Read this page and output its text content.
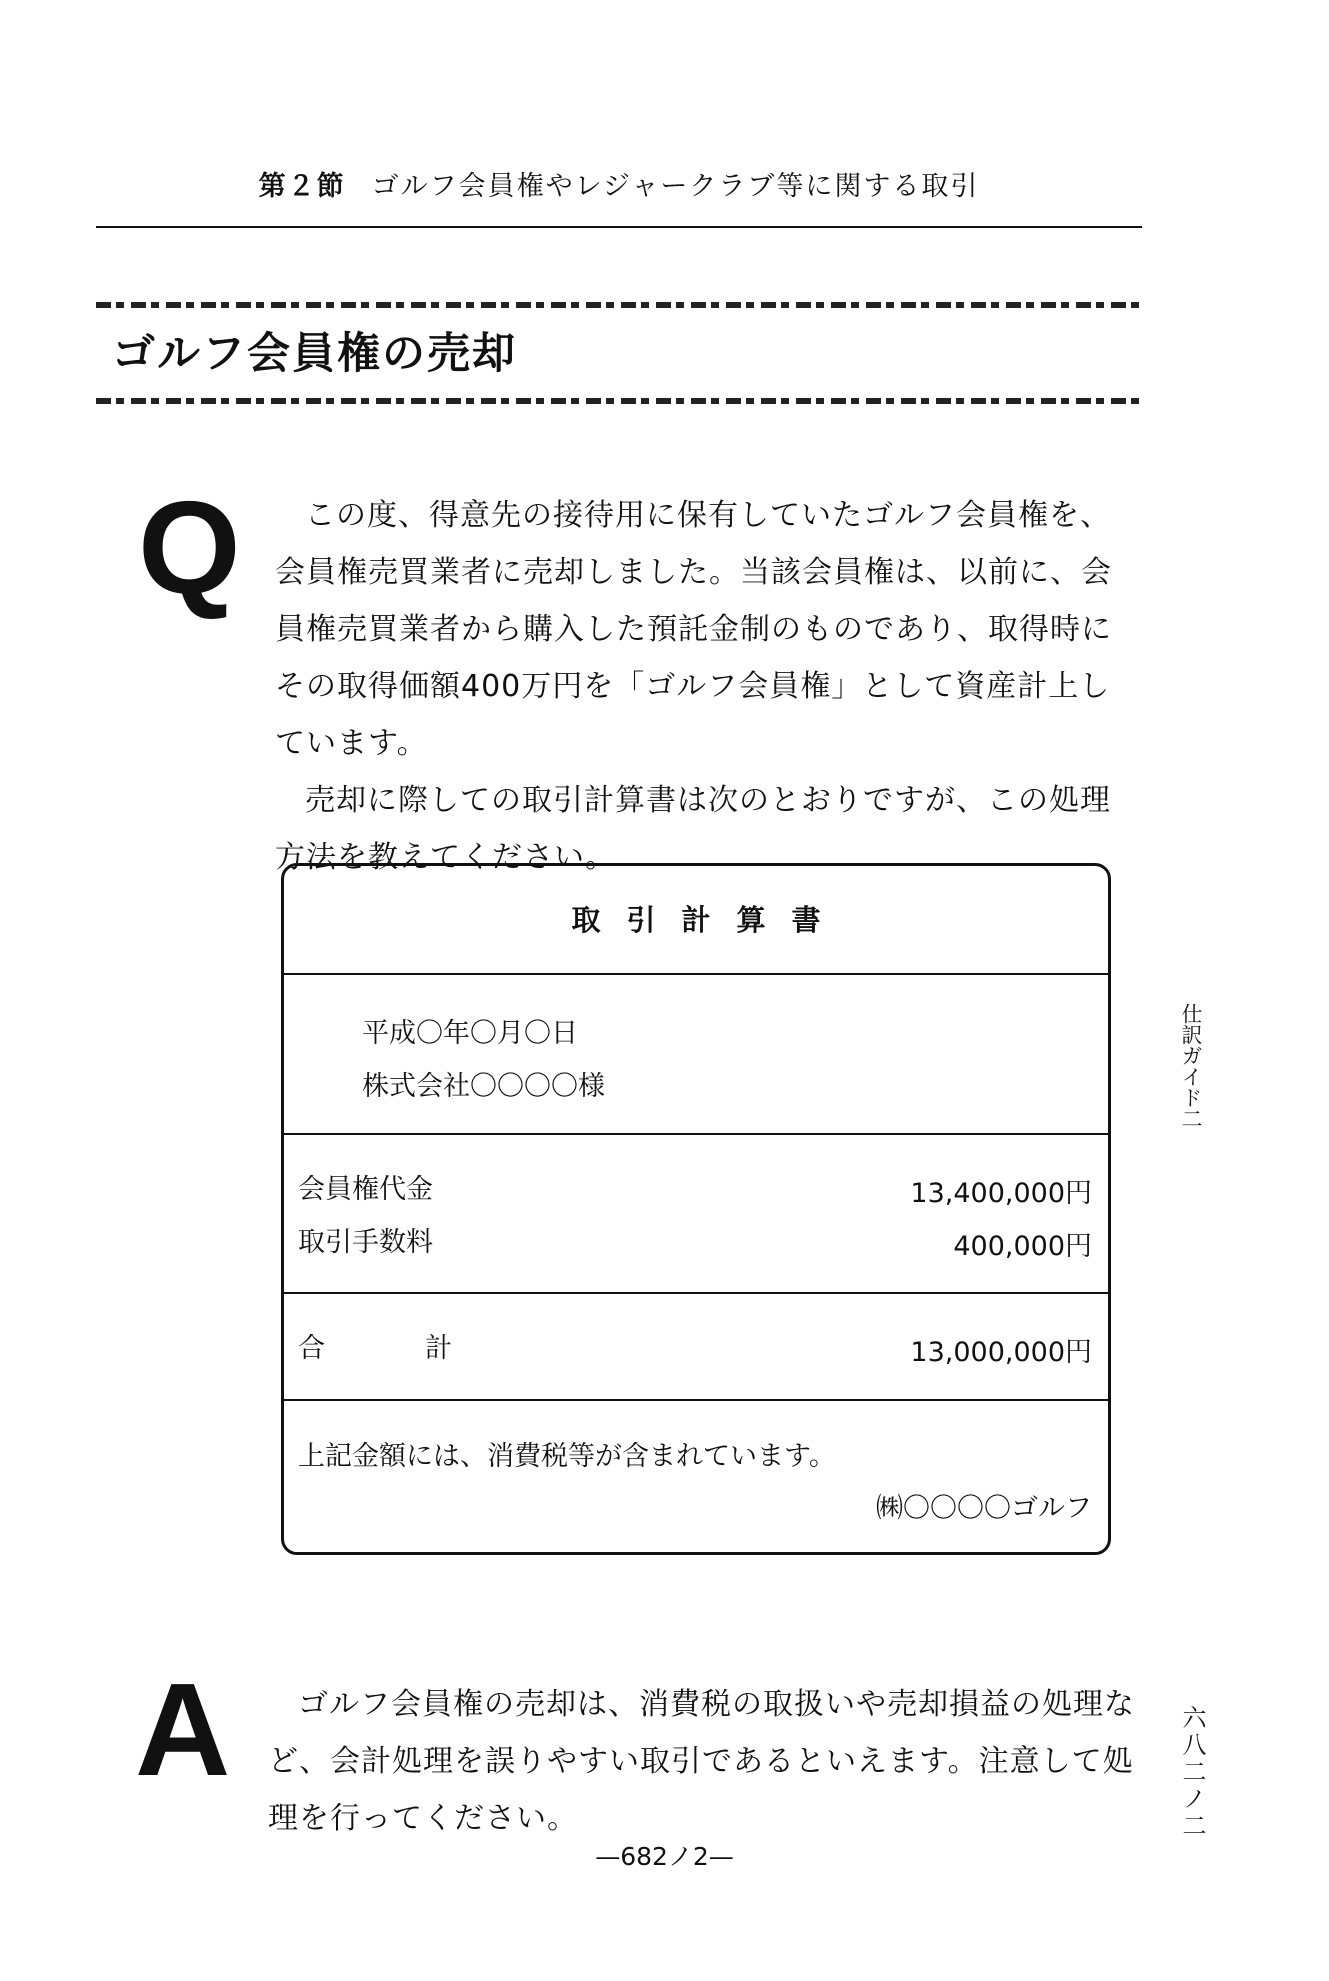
第２節 ゴルフ会員権やレジャークラブ等に関する取引
ゴルフ会員権の売却
Q	この度、得意先の接待用に保有していたゴルフ会員権を、会員権売買業者に売却しました。当該会員権は、以前に、会員権売買業者から購入した預託金制のものであり、取得時にその取得価額400万円を「ゴルフ会員権」として資産計上しています。

売却に際しての取引計算書は次のとおりですが、この処理方法を教えてください。

取引計算書
平成〇年〇月〇日
株式会社〇〇〇〇様
会員権代金	13,400,000円
取引手数料	400,000円
合	計	13,000,000円
上記金額には、消費税等が含まれています。
㈱〇〇〇〇ゴルフ
A	ゴルフ会員権の売却は、消費税の取扱いや売却損益の処理など、会計処理を誤りやすい取引であるといえます。注意して処理を行ってください。

仕訳ガイド二
六八二ノ二
—682ノ2—
